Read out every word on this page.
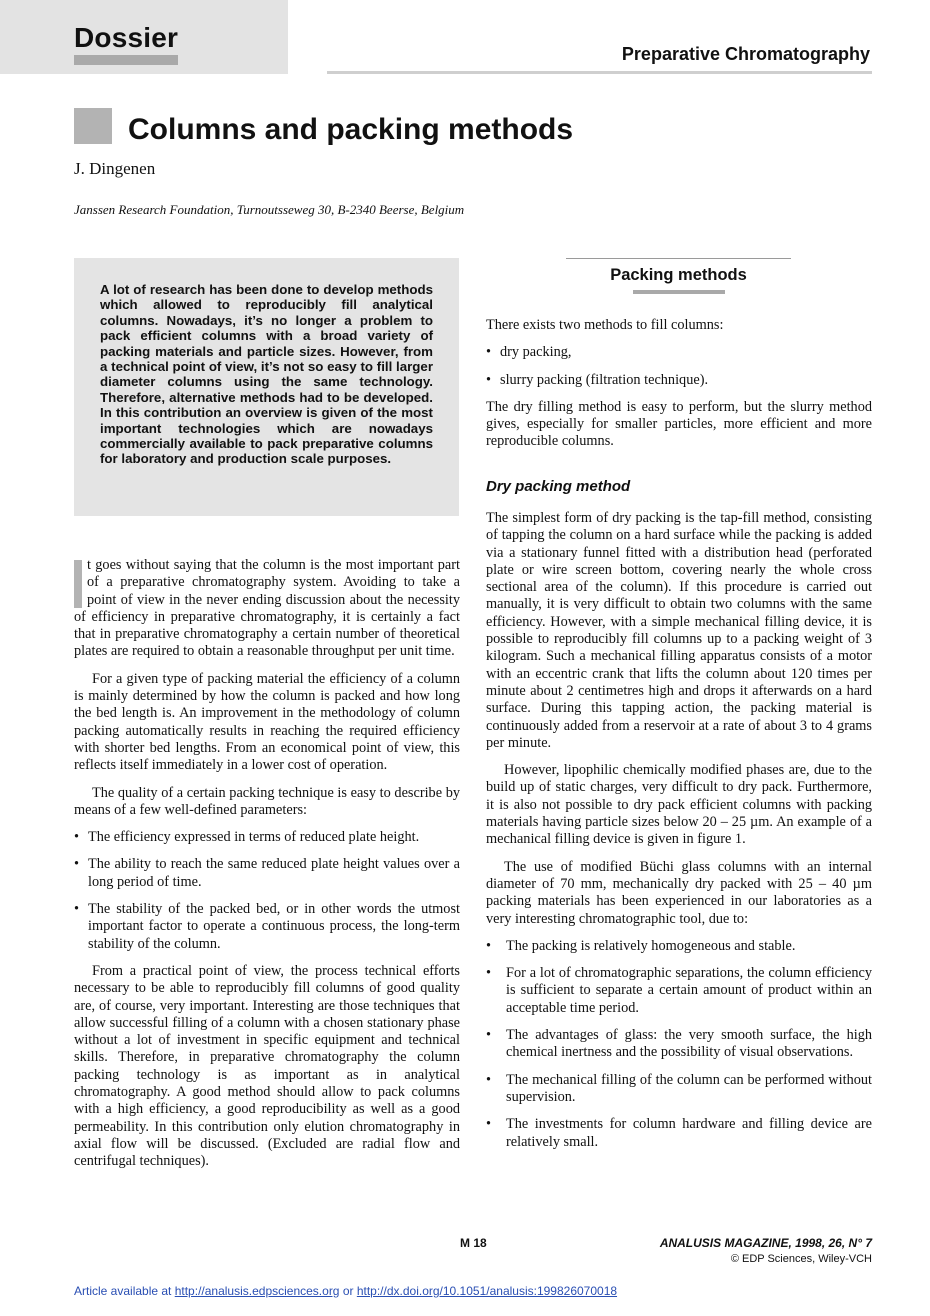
Dossier
Preparative Chromatography
Columns and packing methods
J. Dingenen
Janssen Research Foundation, Turnoutsseweg 30, B-2340 Beerse, Belgium
A lot of research has been done to develop methods which allowed to reproducibly fill analytical columns. Nowadays, it’s no longer a problem to pack efficient columns with a broad variety of packing materials and particle sizes. However, from a technical point of view, it’s not so easy to fill larger diameter columns using the same technology. Therefore, alternative methods had to be developed. In this contribution an overview is given of the most important technologies which are nowadays commercially available to pack preparative columns for laboratory and production scale purposes.

t goes without saying that the column is the most important part of a preparative chromatography system. Avoiding to take a point of view in the never ending discussion about the necessity of efficiency in preparative chromatography, it is certainly a fact that in preparative chromatography a certain number of theoretical plates are required to obtain a reasonable throughput per unit time.

For a given type of packing material the efficiency of a column is mainly determined by how the column is packed and how long the bed length is. An improvement in the methodology of column packing automatically results in reaching the required efficiency with shorter bed lengths. From an economical point of view, this reflects itself immediately in a lower cost of operation.

The quality of a certain packing technique is easy to describe by means of a few well-defined parameters:

• The efficiency expressed in terms of reduced plate height.
• The ability to reach the same reduced plate height values over a long period of time.
• The stability of the packed bed, or in other words the utmost important factor to operate a continuous process, the long-term stability of the column.

From a practical point of view, the process technical efforts necessary to be able to reproducibly fill columns of good quality are, of course, very important. Interesting are those techniques that allow successful filling of a column with a chosen stationary phase without a lot of investment in specific equipment and technical skills. Therefore, in preparative chromatography the column packing technology is as important as in analytical chromatography. A good method should allow to pack columns with a high efficiency, a good reproducibility as well as a good permeability. In this contribution only elution chromatography in axial flow will be discussed. (Excluded are radial flow and centrifugal techniques).

Packing methods

There exists two methods to fill columns:

• dry packing,
• slurry packing (filtration technique).

The dry filling method is easy to perform, but the slurry method gives, especially for smaller particles, more efficient and more reproducible columns.

Dry packing method

The simplest form of dry packing is the tap-fill method, consisting of tapping the column on a hard surface while the packing is added via a stationary funnel fitted with a distribution head (perforated plate or wire screen bottom, covering nearly the whole cross sectional area of the column). If this procedure is carried out manually, it is very difficult to obtain two columns with the same efficiency. However, with a simple mechanical filling device, it is possible to reproducibly fill columns up to a packing weight of 3 kilogram. Such a mechanical filling apparatus consists of a motor with an eccentric crank that lifts the column about 120 times per minute about 2 centimetres high and drops it afterwards on a hard surface. During this tapping action, the packing material is continuously added from a reservoir at a rate of about 3 to 4 grams per minute.

However, lipophilic chemically modified phases are, due to the build up of static charges, very difficult to dry pack. Furthermore, it is also not possible to dry pack efficient columns with packing materials having particle sizes below 20 – 25 µm. An example of a mechanical filling device is given in figure 1.

The use of modified Büchi glass columns with an internal diameter of 70 mm, mechanically dry packed with 25 – 40 µm packing materials has been experienced in our laboratories as a very interesting chromatographic tool, due to:

• The packing is relatively homogeneous and stable.
• For a lot of chromatographic separations, the column efficiency is sufficient to separate a certain amount of product within an acceptable time period.
• The advantages of glass: the very smooth surface, the high chemical inertness and the possibility of visual observations.
• The mechanical filling of the column can be performed without supervision.
• The investments for column hardware and filling device are relatively small.
M 18	ANALUSIS MAGAZINE, 1998, 26, N° 7
© EDP Sciences, Wiley-VCH
Article available at http://analusis.edpsciences.org or http://dx.doi.org/10.1051/analusis:199826070018
